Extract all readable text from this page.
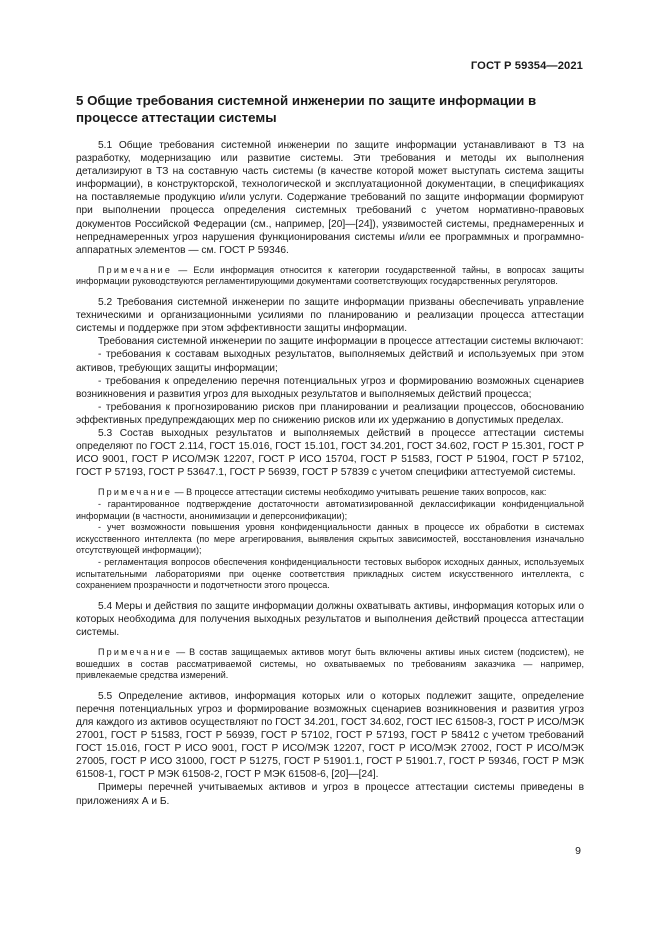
ГОСТ Р 59354—2021
5 Общие требования системной инженерии по защите информации в процессе аттестации системы

5.1 Общие требования системной инженерии по защите информации устанавливают в ТЗ на разработку, модернизацию или развитие системы. Эти требования и методы их выполнения детализируют в ТЗ на составную часть системы (в качестве которой может выступать система защиты информации), в конструкторской, технологической и эксплуатационной документации, в спецификациях на поставляемые продукцию и/или услуги. Содержание требований по защите информации формируют при выполнении процесса определения системных требований с учетом нормативно-правовых документов Российской Федерации (см., например, [20]—[24]), уязвимостей системы, преднамеренных и непреднамеренных угроз нарушения функционирования системы и/или ее программных и программно-аппаратных элементов — см. ГОСТ Р 59346.

Примечание — Если информация относится к категории государственной тайны, в вопросах защиты информации руководствуются регламентирующими документами соответствующих государственных регуляторов.

5.2 Требования системной инженерии по защите информации призваны обеспечивать управление техническими и организационными усилиями по планированию и реализации процесса аттестации системы и поддержке при этом эффективности защиты информации.

Требования системной инженерии по защите информации в процессе аттестации системы включают:

- требования к составам выходных результатов, выполняемых действий и используемых при этом активов, требующих защиты информации;

- требования к определению перечня потенциальных угроз и формированию возможных сценариев возникновения и развития угроз для выходных результатов и выполняемых действий процесса;

- требования к прогнозированию рисков при планировании и реализации процессов, обоснованию эффективных предупреждающих мер по снижению рисков или их удержанию в допустимых пределах.

5.3 Состав выходных результатов и выполняемых действий в процессе аттестации системы определяют по ГОСТ 2.114, ГОСТ 15.016, ГОСТ 15.101, ГОСТ 34.201, ГОСТ 34.602, ГОСТ Р 15.301, ГОСТ Р ИСО 9001, ГОСТ Р ИСО/МЭК 12207, ГОСТ Р ИСО 15704, ГОСТ Р 51583, ГОСТ Р 51904, ГОСТ Р 57102, ГОСТ Р 57193, ГОСТ Р 53647.1, ГОСТ Р 56939, ГОСТ Р 57839 с учетом специфики аттестуемой системы.

Примечание — В процессе аттестации системы необходимо учитывать решение таких вопросов, как:

- гарантированное подтверждение достаточности автоматизированной деклассификации конфиденциальной информации (в частности, анонимизации и деперсонификации);

- учет возможности повышения уровня конфиденциальности данных в процессе их обработки в системах искусственного интеллекта (по мере агрегирования, выявления скрытых зависимостей, восстановления изначально отсутствующей информации);

- регламентация вопросов обеспечения конфиденциальности тестовых выборок исходных данных, используемых испытательными лабораториями при оценке соответствия прикладных систем искусственного интеллекта, с сохранением прозрачности и подотчетности этого процесса.

5.4 Меры и действия по защите информации должны охватывать активы, информация которых или о которых необходима для получения выходных результатов и выполнения действий процесса аттестации системы.

Примечание — В состав защищаемых активов могут быть включены активы иных систем (подсистем), не вошедших в состав рассматриваемой системы, но охватываемых по требованиям заказчика — например, привлекаемые средства измерений.

5.5 Определение активов, информация которых или о которых подлежит защите, определение перечня потенциальных угроз и формирование возможных сценариев возникновения и развития угроз для каждого из активов осуществляют по ГОСТ 34.201, ГОСТ 34.602, ГОСТ IEC 61508-3, ГОСТ Р ИСО/МЭК 27001, ГОСТ Р 51583, ГОСТ Р 56939, ГОСТ Р 57102, ГОСТ Р 57193, ГОСТ Р 58412 с учетом требований ГОСТ 15.016, ГОСТ Р ИСО 9001, ГОСТ Р ИСО/МЭК 12207, ГОСТ Р ИСО/МЭК 27002, ГОСТ Р ИСО/МЭК 27005, ГОСТ Р ИСО 31000, ГОСТ Р 51275, ГОСТ Р 51901.1, ГОСТ Р 51901.7, ГОСТ Р 59346, ГОСТ Р МЭК 61508-1, ГОСТ Р МЭК 61508-2, ГОСТ Р МЭК 61508-6, [20]—[24].

Примеры перечней учитываемых активов и угроз в процессе аттестации системы приведены в приложениях А и Б.

9
